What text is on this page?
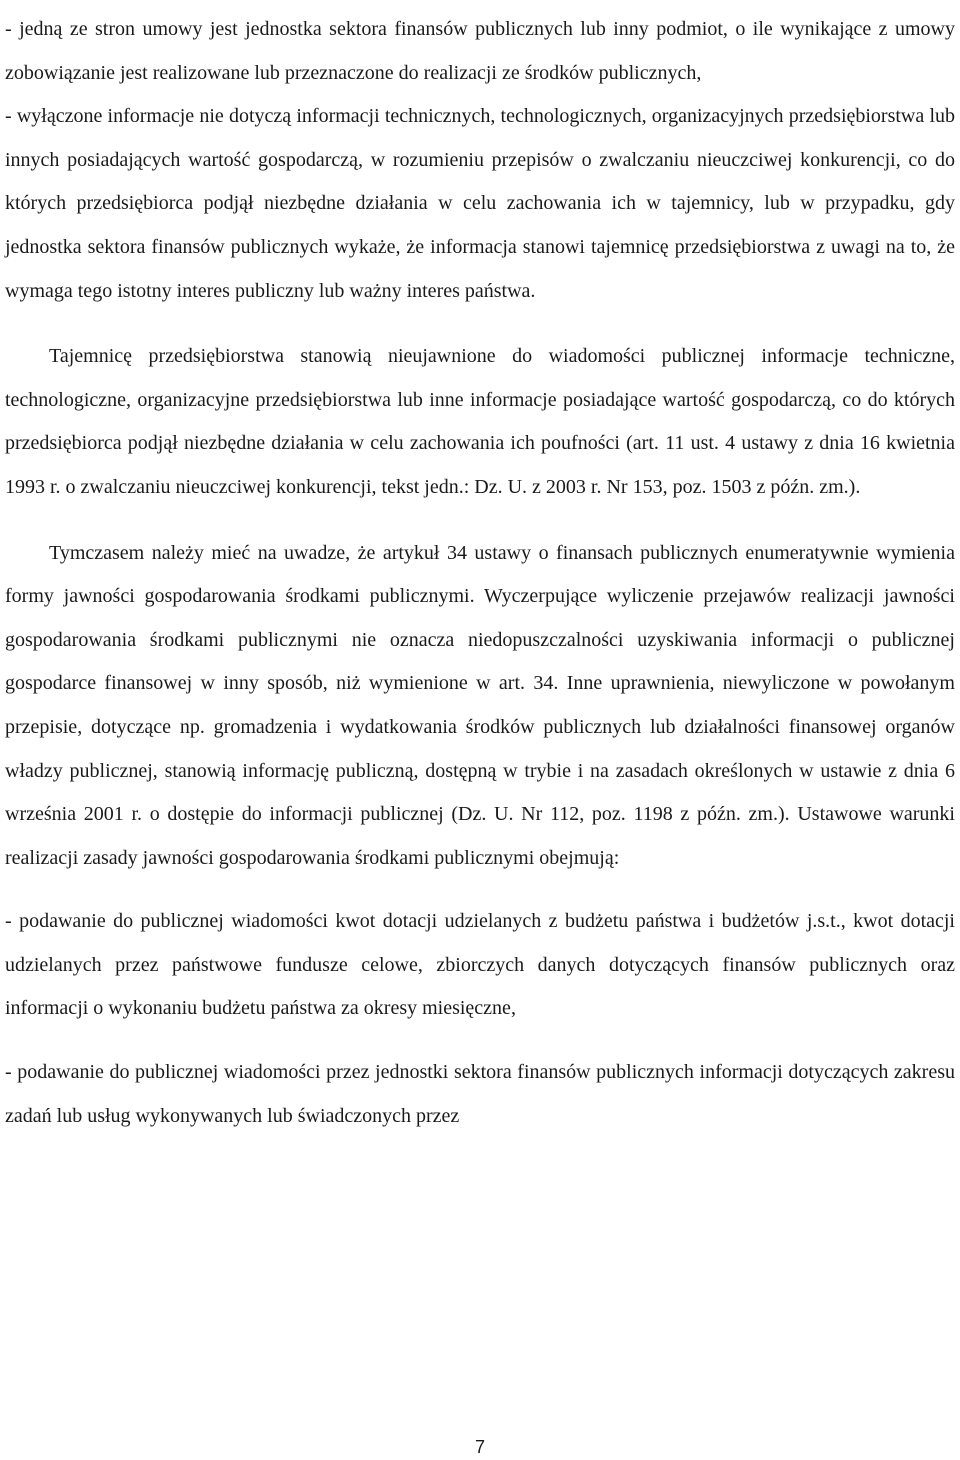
- jedną ze stron umowy jest jednostka sektora finansów publicznych lub inny podmiot, o ile wynikające z umowy zobowiązanie jest realizowane lub przeznaczone do realizacji ze środków publicznych,

- wyłączone informacje nie dotyczą informacji technicznych, technologicznych, organizacyjnych przedsiębiorstwa lub innych posiadających wartość gospodarczą, w rozumieniu przepisów o zwalczaniu nieuczciwej konkurencji, co do których przedsiębiorca podjął niezbędne działania w celu zachowania ich w tajemnicy, lub w przypadku, gdy jednostka sektora finansów publicznych wykaże, że informacja stanowi tajemnicę przedsiębiorstwa z uwagi na to, że wymaga tego istotny interes publiczny lub ważny interes państwa.

Tajemnicę przedsiębiorstwa stanowią nieujawnione do wiadomości publicznej informacje techniczne, technologiczne, organizacyjne przedsiębiorstwa lub inne informacje posiadające wartość gospodarczą, co do których przedsiębiorca podjął niezbędne działania w celu zachowania ich poufności (art. 11 ust. 4 ustawy z dnia 16 kwietnia 1993 r. o zwalczaniu nieuczciwej konkurencji, tekst jedn.: Dz. U. z 2003 r. Nr 153, poz. 1503 z późn. zm.).

Tymczasem należy mieć na uwadze, że artykuł 34 ustawy o finansach publicznych enumeratywnie wymienia formy jawności gospodarowania środkami publicznymi. Wyczerpujące wyliczenie przejawów realizacji jawności gospodarowania środkami publicznymi nie oznacza niedopuszczalności uzyskiwania informacji o publicznej gospodarce finansowej w inny sposób, niż wymienione w art. 34. Inne uprawnienia, niewyliczone w powołanym przepisie, dotyczące np. gromadzenia i wydatkowania środków publicznych lub działalności finansowej organów władzy publicznej, stanowią informację publiczną, dostępną w trybie i na zasadach określonych w ustawie z dnia 6 września 2001 r. o dostępie do informacji publicznej (Dz. U. Nr 112, poz. 1198 z późn. zm.). Ustawowe warunki realizacji zasady jawności gospodarowania środkami publicznymi obejmują:

- podawanie do publicznej wiadomości kwot dotacji udzielanych z budżetu państwa i budżetów j.s.t., kwot dotacji udzielanych przez państwowe fundusze celowe, zbiorczych danych dotyczących finansów publicznych oraz informacji o wykonaniu budżetu państwa za okresy miesięczne,

- podawanie do publicznej wiadomości przez jednostki sektora finansów publicznych informacji dotyczących zakresu zadań lub usług wykonywanych lub świadczonych przez

7
